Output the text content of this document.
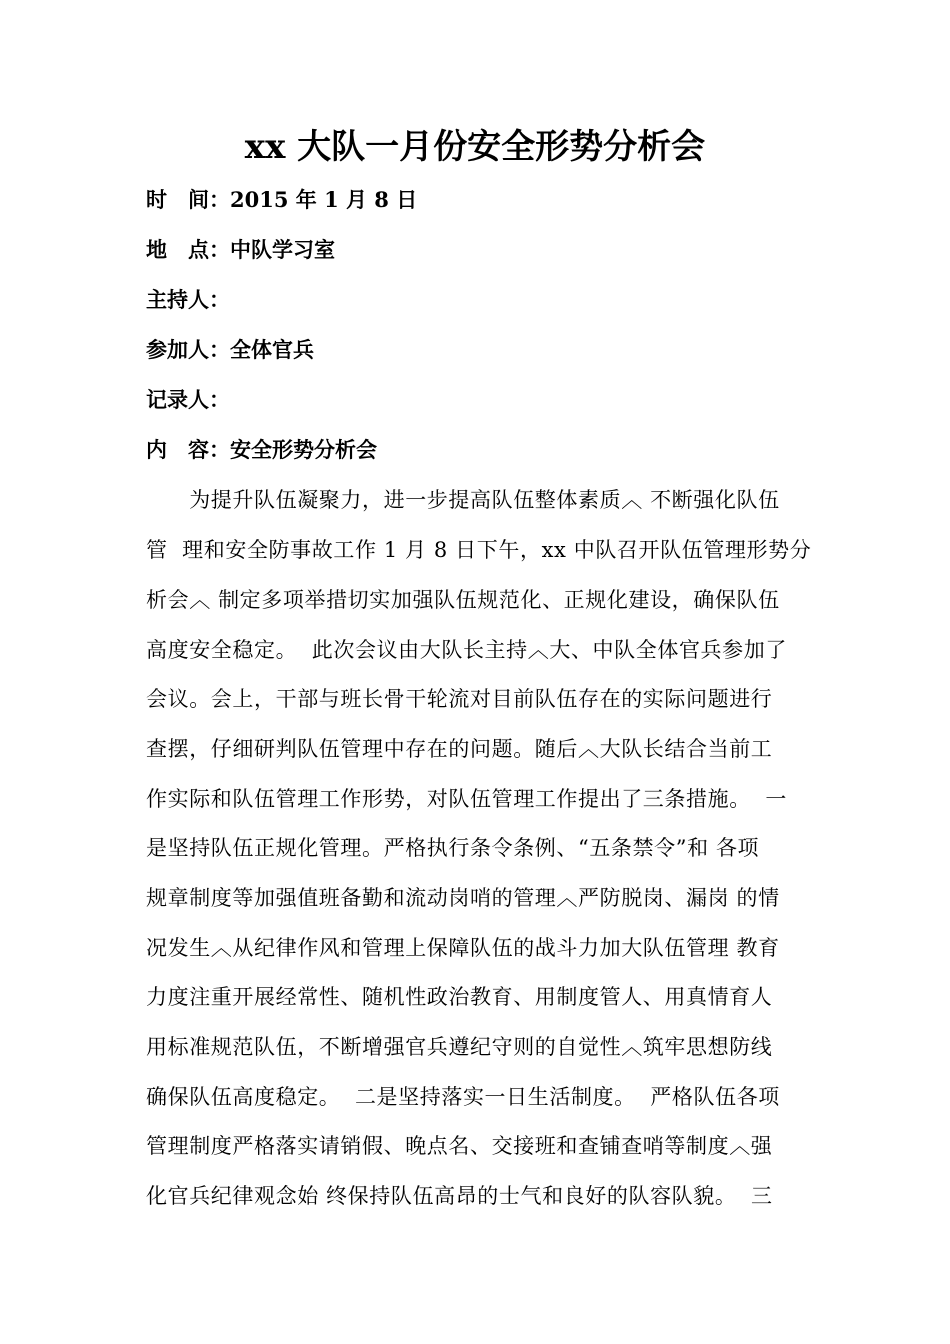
xx 大队一月份安全形势分析会
时　间：2015 年 1 月 8 日
地　点：中队学习室
主持人：
参加人：全体官兵
记录人：
内　容：安全形势分析会
　　为提升队伍凝聚力，进一步提高队伍整体素质︿ 不断强化队伍
管  理和安全防事故工作 1 月 8 日下午，xx 中队召开队伍管理形势分
析会︿ 制定多项举措切实加强队伍规范化、正规化建设，确保队伍
高度安全稳定。  此次会议由大队长主持︿大、中队全体官兵参加了
会议。会上，干部与班长骨干轮流对目前队伍存在的实际问题进行
查摆，仔细研判队伍管理中存在的问题。随后︿大队长结合当前工
作实际和队伍管理工作形势，对队伍管理工作提出了三条措施。  一
是坚持队伍正规化管理。严格执行条令条例、“五条禁令”和 各项
规章制度等加强值班备勤和流动岗哨的管理︿严防脱岗、漏岗 的情
况发生︿从纪律作风和管理上保障队伍的战斗力加大队伍管理 教育
力度注重开展经常性、随机性政治教育、用制度管人、用真情育人
用标准规范队伍，不断增强官兵遵纪守则的自觉性︿筑牢思想防线
确保队伍高度稳定。  二是坚持落实一日生活制度。  严格队伍各项
管理制度严格落实请销假、晚点名、交接班和查铺查哨等制度︿强
化官兵纪律观念始 终保持队伍高昂的士气和良好的队容队貌。  三
